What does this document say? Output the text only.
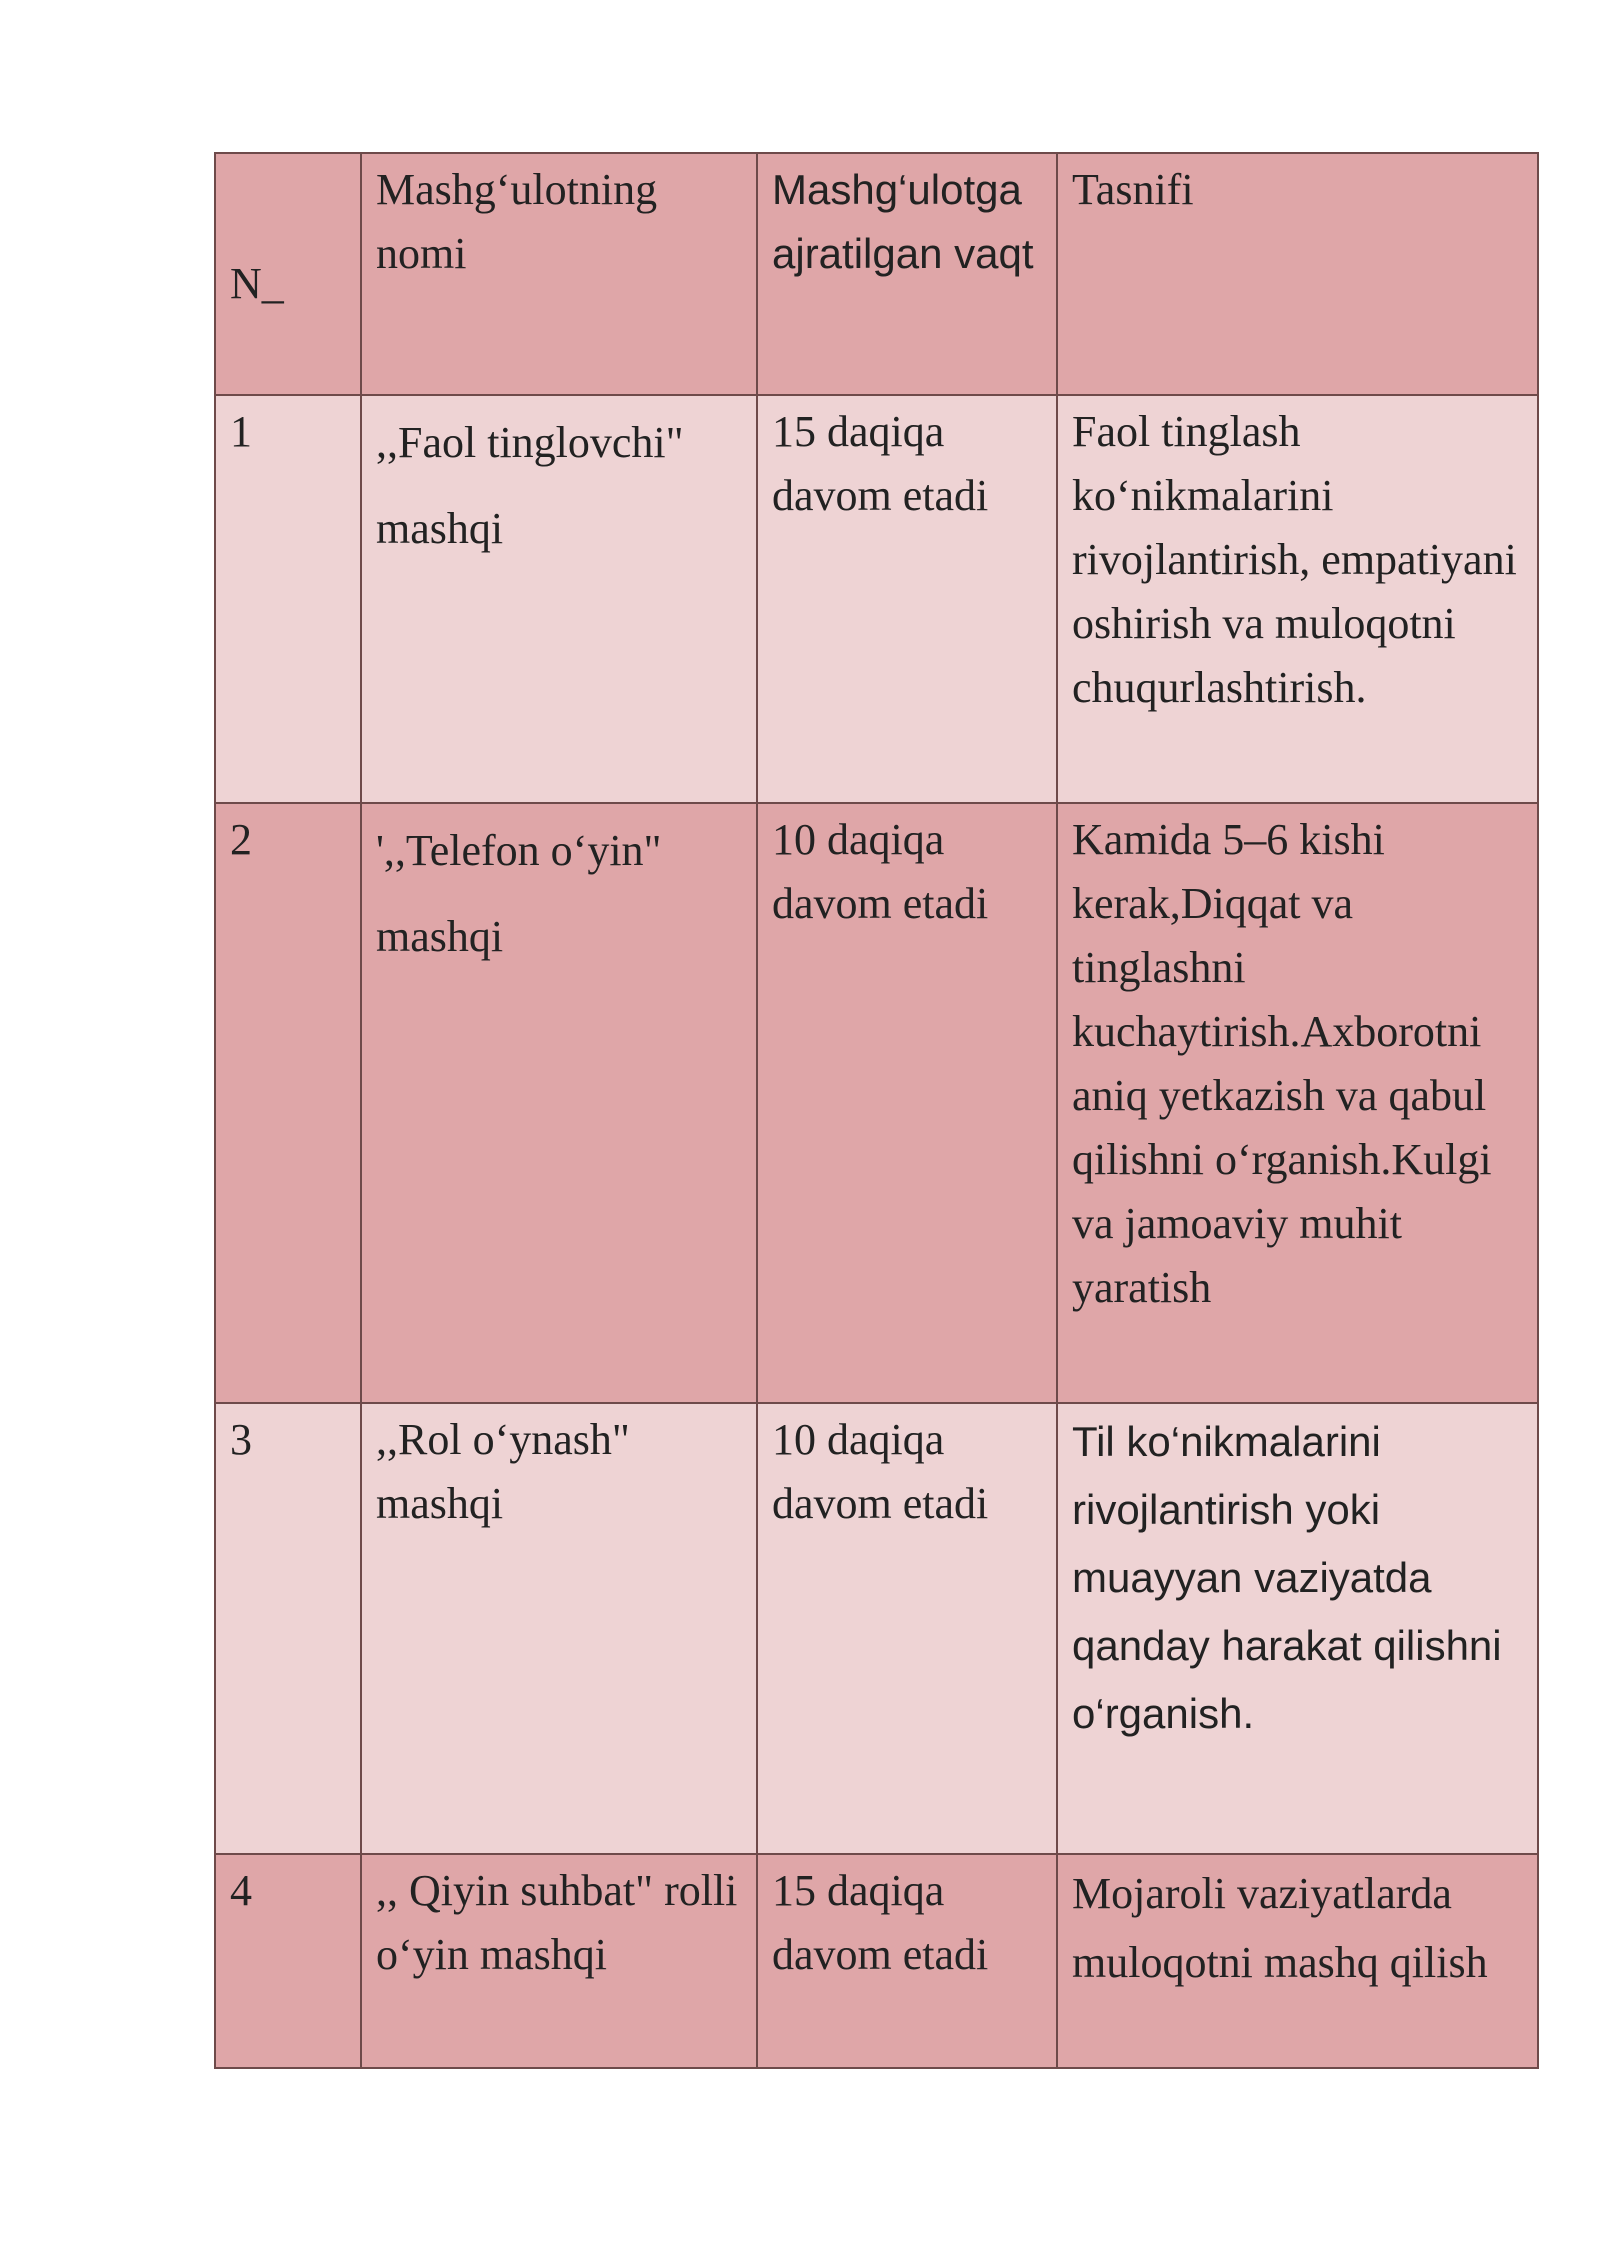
N_	Mashg‘ulotning nomi	Mashg‘ulotga ajratilgan vaqt	Tasnifi
1	,,Faol tinglovchi" mashqi	15 daqiqa davom etadi	Faol tinglash ko‘nikmalarini rivojlantirish, empatiyani oshirish va muloqotni chuqurlashtirish.
2	',,Telefon o‘yin" mashqi	10 daqiqa davom etadi	Kamida 5–6 kishi kerak,Diqqat va tinglashni kuchaytirish.Axborotni aniq yetkazish va qabul qilishni o‘rganish.Kulgi va jamoaviy muhit yaratish
3	,,Rol o‘ynash" mashqi	10 daqiqa davom etadi	Til ko‘nikmalarini rivojlantirish yoki muayyan vaziyatda qanday harakat qilishni o‘rganish.
4	,, Qiyin suhbat" rolli o‘yin mashqi	15 daqiqa davom etadi	Mojaroli vaziyatlarda muloqotni mashq qilish
